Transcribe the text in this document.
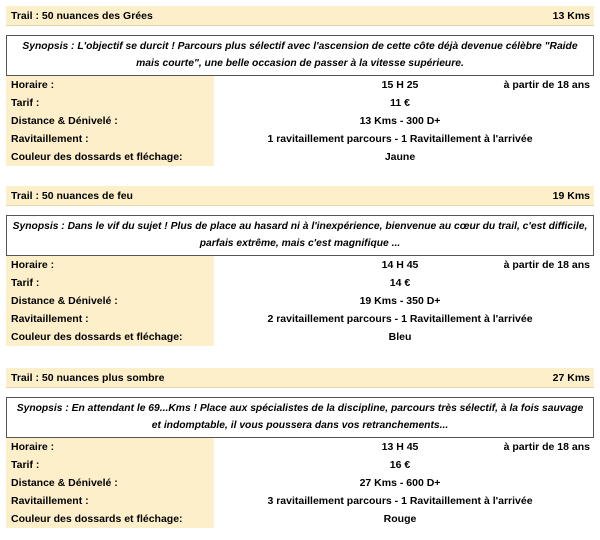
Trail : 50 nuances des Grées	13 Kms
Synopsis : L'objectif se durcit ! Parcours plus sélectif avec l'ascension de cette côte déjà devenue célèbre "Raide mais courte", une belle occasion de passer à la vitesse supérieure.
Horaire :	15 H 25	à partir de 18 ans
Tarif :	11 €
Distance & Dénivelé :	13 Kms - 300 D+
Ravitaillement :	1 ravitaillement parcours - 1 Ravitaillement à l'arrivée
Couleur des dossards et fléchage:	Jaune
Trail : 50 nuances de feu	19 Kms
Synopsis : Dans le vif du sujet ! Plus de place au hasard ni à l'inexpérience, bienvenue au cœur du trail, c'est difficile, parfais extrême, mais c'est magnifique ...
Horaire :	14 H 45	à partir de 18 ans
Tarif :	14 €
Distance & Dénivelé :	19 Kms - 350 D+
Ravitaillement :	2 ravitaillement parcours - 1 Ravitaillement à l'arrivée
Couleur des dossards et fléchage:	Bleu
Trail : 50 nuances plus sombre	27 Kms
Synopsis : En attendant le 69...Kms ! Place aux spécialistes de la discipline, parcours très sélectif, à la fois sauvage et indomptable, il vous poussera dans vos retranchements...
Horaire :	13 H 45	à partir de 18 ans
Tarif :	16 €
Distance & Dénivelé :	27 Kms - 600 D+
Ravitaillement :	3 ravitaillement parcours - 1 Ravitaillement à l'arrivée
Couleur des dossards et fléchage:	Rouge
